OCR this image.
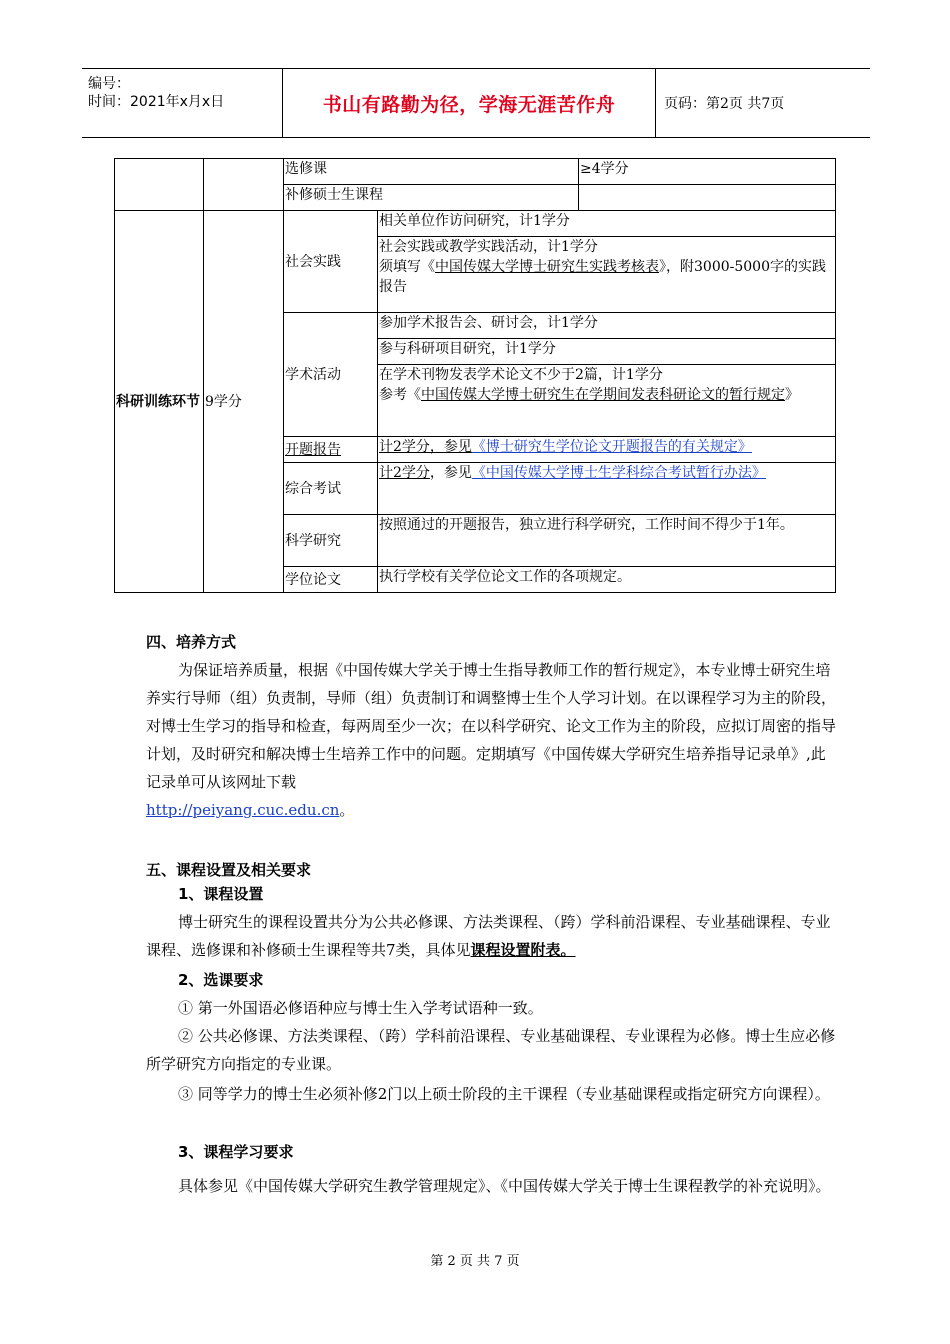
编号：
时间：2021年x月x日	书山有路勤为径，学海无涯苦作舟	页码：第2页 共7页
		选修课		≥4学分
		补修硕士生课程		
科研训练环节	9学分	社会实践	相关单位作访问研究，计1学分	
			社会实践或教学实践活动，计1学分
须填写《中国传媒大学博士研究生实践考核表》，附3000-5000字的实践报告	
		学术活动	参加学术报告会、研讨会，计1学分	
			参与科研项目研究，计1学分	
			在学术刊物发表学术论文不少于2篇，计1学分
参考《中国传媒大学博士研究生在学期间发表科研论文的暂行规定》	
		开题报告	计2学分，参见《博士研究生学位论文开题报告的有关规定》	
		综合考试	计2学分，参见《中国传媒大学博士生学科综合考试暂行办法》	
		科学研究	按照通过的开题报告，独立进行科学研究，工作时间不得少于1年。	
		学位论文	执行学校有关学位论文工作的各项规定。	

四、培养方式

为保证培养质量，根据《中国传媒大学关于博士生指导教师工作的暂行规定》，本专业博士研究生培养实行导师（组）负责制，导师（组）负责制订和调整博士生个人学习计划。在以课程学习为主的阶段，对博士生学习的指导和检查，每两周至少一次；在以科学研究、论文工作为主的阶段，应拟订周密的指导计划，及时研究和解决博士生培养工作中的问题。定期填写《中国传媒大学研究生培养指导记录单》,此记录单可从该网址下载
http://peiyang.cuc.edu.cn。

五、课程设置及相关要求

1、课程设置

博士研究生的课程设置共分为公共必修课、方法类课程、（跨）学科前沿课程、专业基础课程、专业课程、选修课和补修硕士生课程等共7类，具体见课程设置附表。

2、选课要求

① 第一外国语必修语种应与博士生入学考试语种一致。

② 公共必修课、方法类课程、（跨）学科前沿课程、专业基础课程、专业课程为必修。博士生应必修所学研究方向指定的专业课。

③ 同等学力的博士生必须补修2门以上硕士阶段的主干课程（专业基础课程或指定研究方向课程）。

3、课程学习要求

具体参见《中国传媒大学研究生教学管理规定》、《中国传媒大学关于博士生课程教学的补充说明》。

第 2 页 共 7 页
